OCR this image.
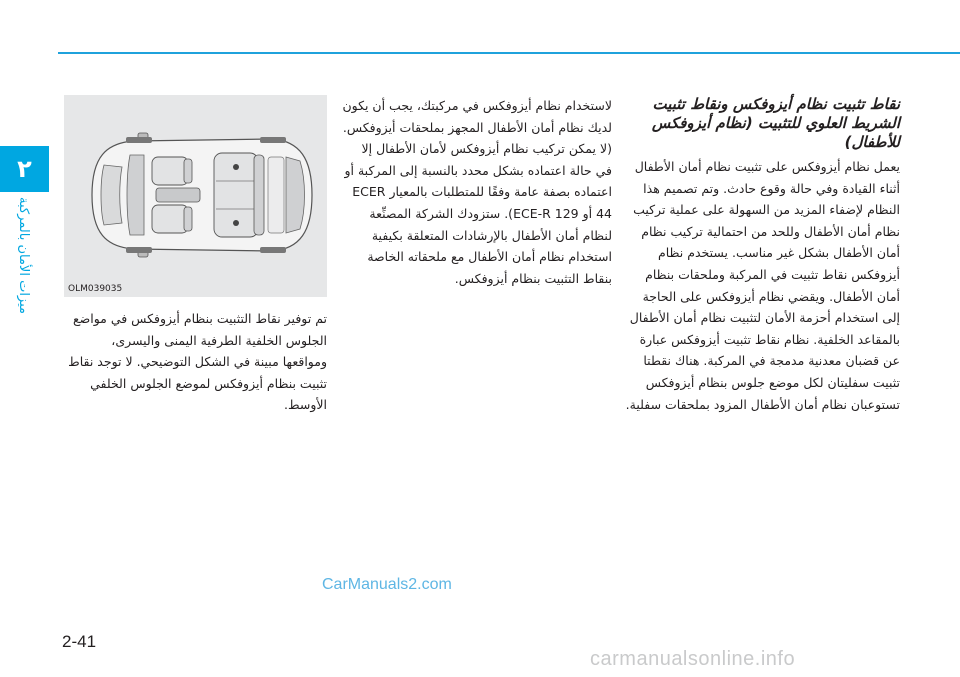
٢
ميزات الأمان بالمركبة

نقاط تثبيت نظام أيزوفكس ونقاط تثبيت الشريط العلوي للتثبيت (نظام أيزوفكس للأطفال)

يعمل نظام أيزوفكس على تثبيت نظام أمان الأطفال أثناء القيادة وفي حالة وقوع حادث. وتم تصميم هذا النظام لإضفاء المزيد من السهولة على عملية تركيب نظام أمان الأطفال وللحد من احتمالية تركيب نظام أمان الأطفال بشكل غير مناسب. يستخدم نظام أيزوفكس نقاط تثبيت في المركبة وملحقات بنظام أمان الأطفال. ويقضي نظام أيزوفكس على الحاجة إلى استخدام أحزمة الأمان لتثبيت نظام أمان الأطفال بالمقاعد الخلفية. نظام نقاط تثبيت أيزوفكس عبارة عن قضبان معدنية مدمجة في المركبة. هناك نقطتا تثبيت سفليتان لكل موضع جلوس بنظام أيزوفكس تستوعبان نظام أمان الأطفال المزود بملحقات سفلية.

لاستخدام نظام أيزوفكس في مركبتك، يجب أن يكون لديك نظام أمان الأطفال المجهز بملحقات أيزوفكس. (لا يمكن تركيب نظام أيزوفكس لأمان الأطفال إلا في حالة اعتماده بشكل محدد بالنسبة إلى المركبة أو اعتماده بصفة عامة وفقًا للمتطلبات بالمعيار ECER 44 أو ECE-R 129). ستزودك الشركة المصنِّعة لنظام أمان الأطفال بالإرشادات المتعلقة بكيفية استخدام نظام أمان الأطفال مع ملحقاته الخاصة بنقاط التثبيت بنظام أيزوفكس.

OLM039035

تم توفير نقاط التثبيت بنظام أيزوفكس في مواضع الجلوس الخلفية الطرفية اليمنى واليسرى، ومواقعها مبينة في الشكل التوضيحي. لا توجد نقاط تثبيت بنظام أيزوفكس لموضع الجلوس الخلفي الأوسط.

CarManuals2.com
2-41
carmanualsonline.info
